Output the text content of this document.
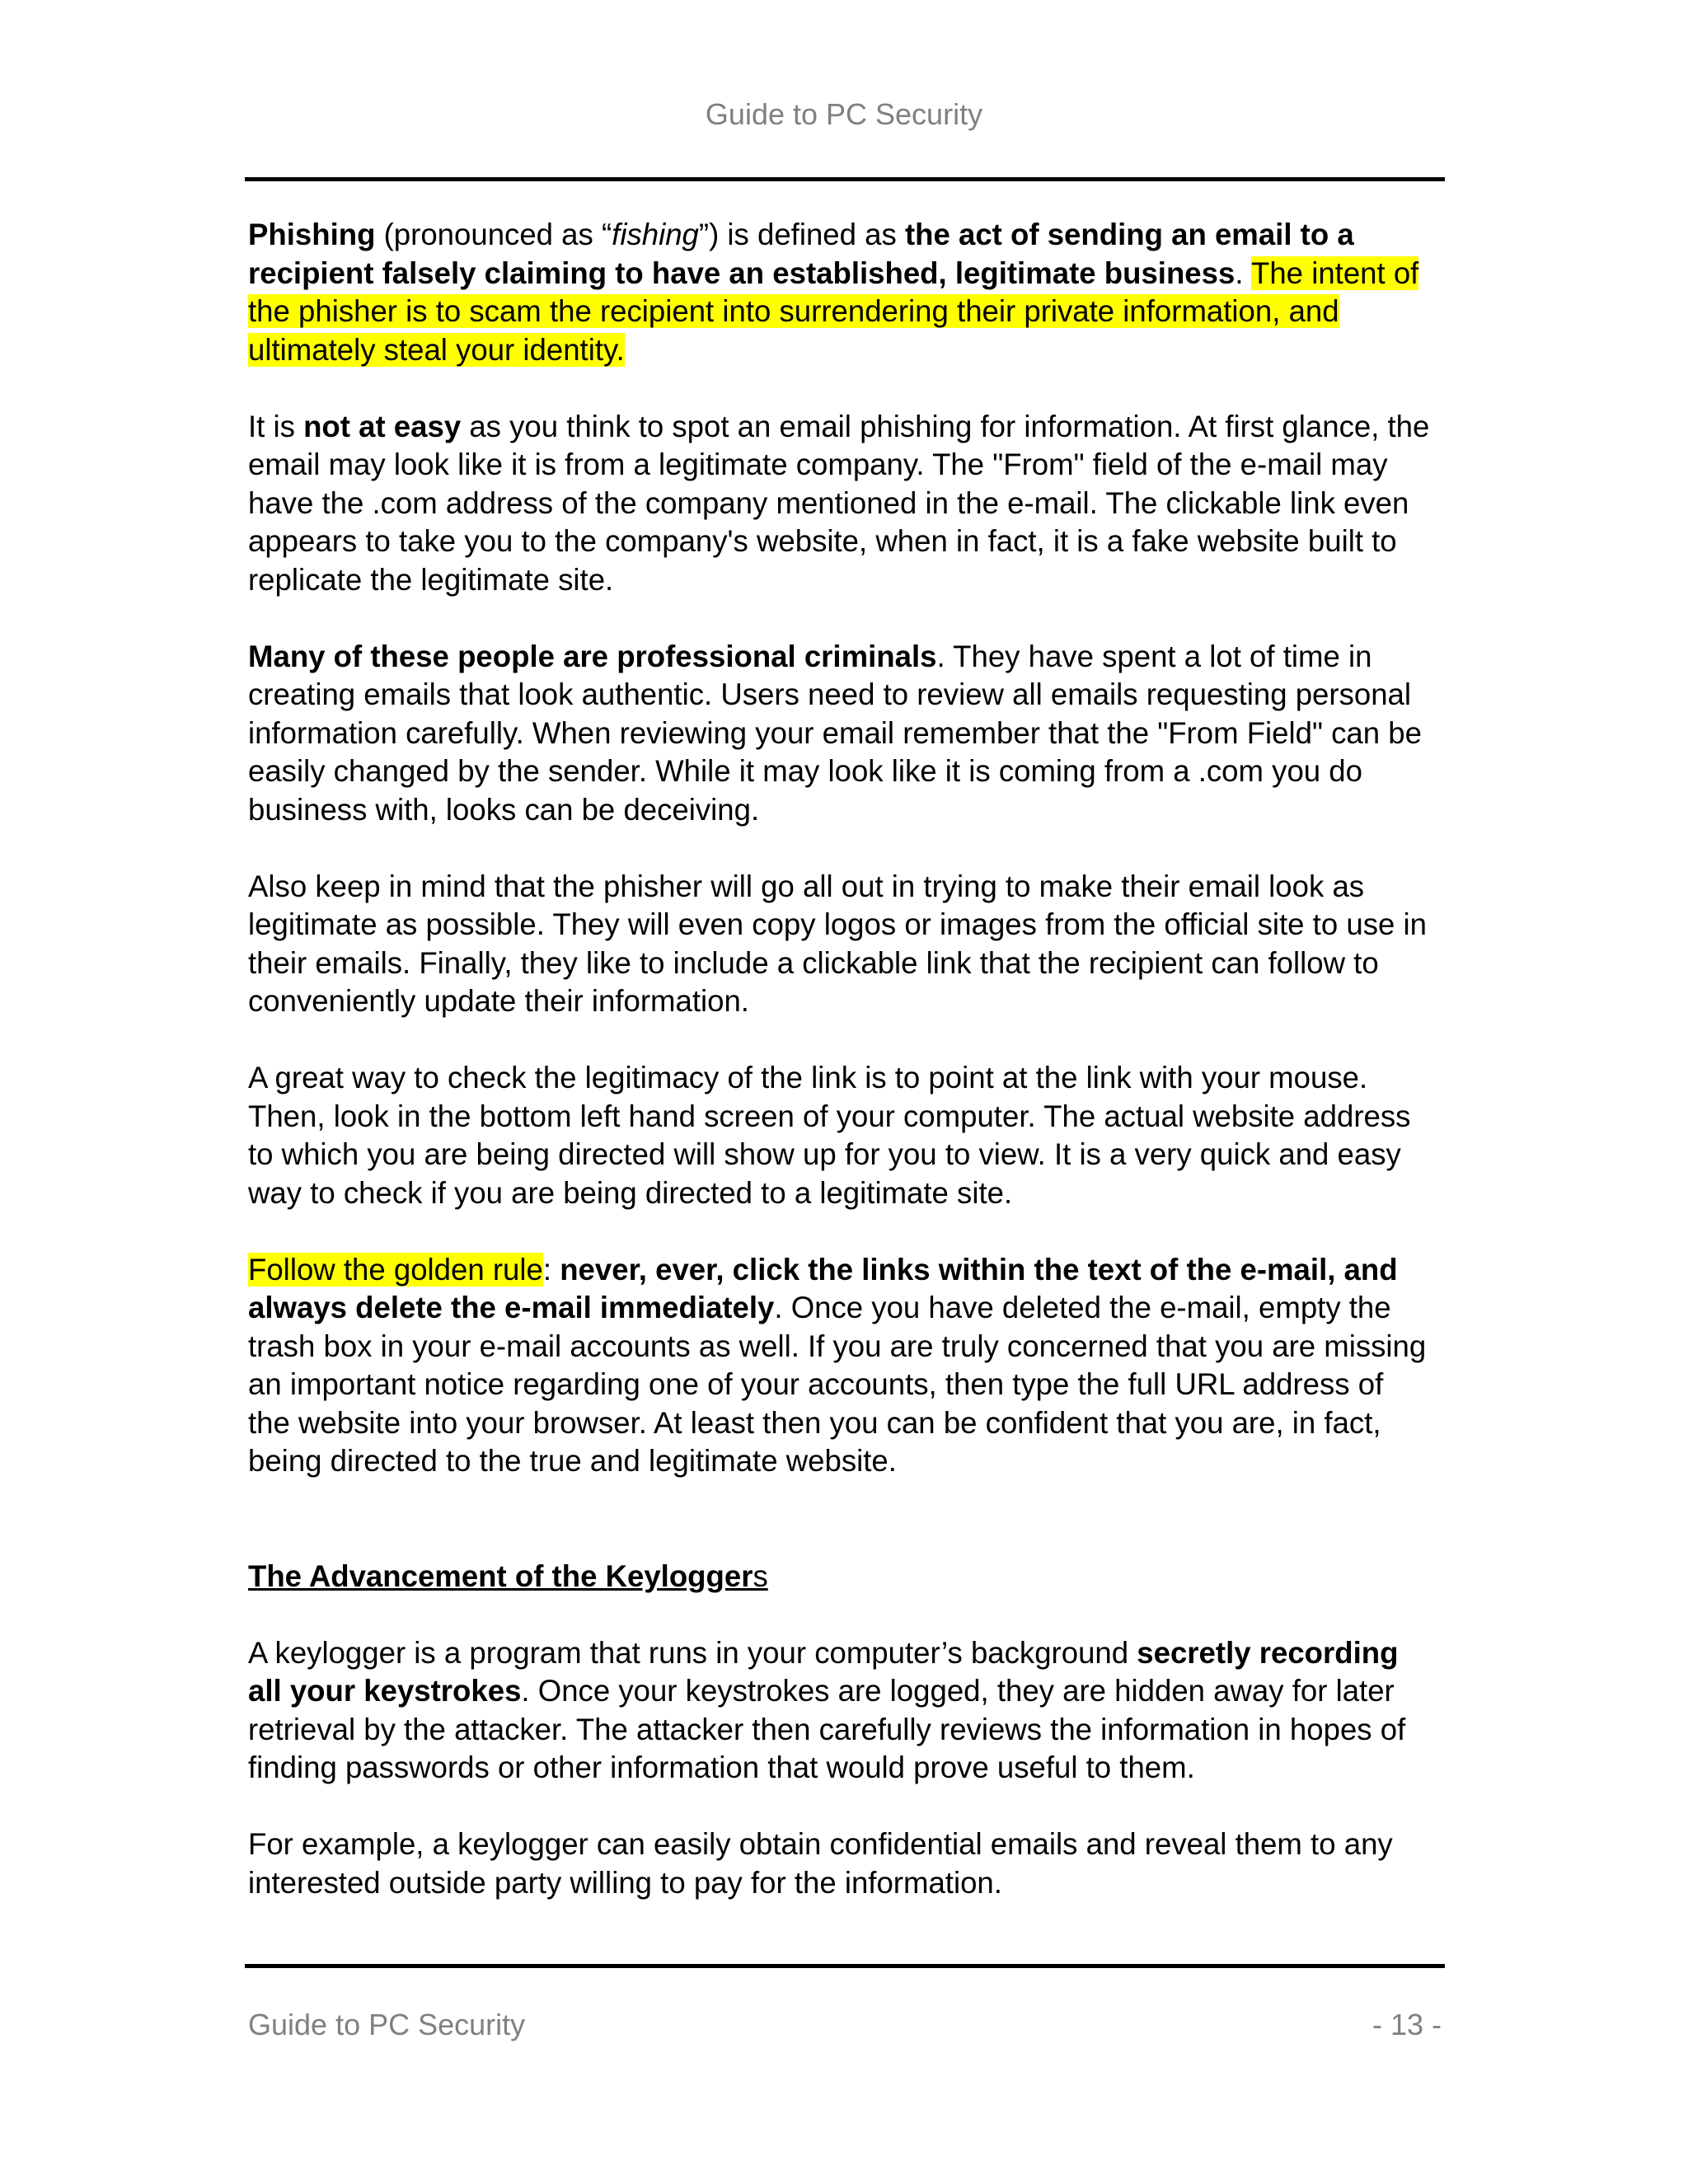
Guide to PC Security

Phishing (pronounced as “fishing”) is defined as the act of sending an email to a
recipient falsely claiming to have an established, legitimate business. The intent of
the phisher is to scam the recipient into surrendering their private information, and
ultimately steal your identity.

It is not at easy as you think to spot an email phishing for information. At first glance, the
email may look like it is from a legitimate company. The "From" field of the e-mail may
have the .com address of the company mentioned in the e-mail. The clickable link even
appears to take you to the company's website, when in fact, it is a fake website built to
replicate the legitimate site.

Many of these people are professional criminals. They have spent a lot of time in
creating emails that look authentic. Users need to review all emails requesting personal
information carefully. When reviewing your email remember that the "From Field" can be
easily changed by the sender. While it may look like it is coming from a .com you do
business with, looks can be deceiving.

Also keep in mind that the phisher will go all out in trying to make their email look as
legitimate as possible. They will even copy logos or images from the official site to use in
their emails. Finally, they like to include a clickable link that the recipient can follow to
conveniently update their information.

A great way to check the legitimacy of the link is to point at the link with your mouse.
Then, look in the bottom left hand screen of your computer. The actual website address
to which you are being directed will show up for you to view. It is a very quick and easy
way to check if you are being directed to a legitimate site.

Follow the golden rule: never, ever, click the links within the text of the e-mail, and
always delete the e-mail immediately. Once you have deleted the e-mail, empty the
trash box in your e-mail accounts as well. If you are truly concerned that you are missing
an important notice regarding one of your accounts, then type the full URL address of
the website into your browser. At least then you can be confident that you are, in fact,
being directed to the true and legitimate website.

The Advancement of the Keyloggers

A keylogger is a program that runs in your computer’s background secretly recording
all your keystrokes. Once your keystrokes are logged, they are hidden away for later
retrieval by the attacker. The attacker then carefully reviews the information in hopes of
finding passwords or other information that would prove useful to them.

For example, a keylogger can easily obtain confidential emails and reveal them to any
interested outside party willing to pay for the information.

Guide to PC Security	- 13 -
